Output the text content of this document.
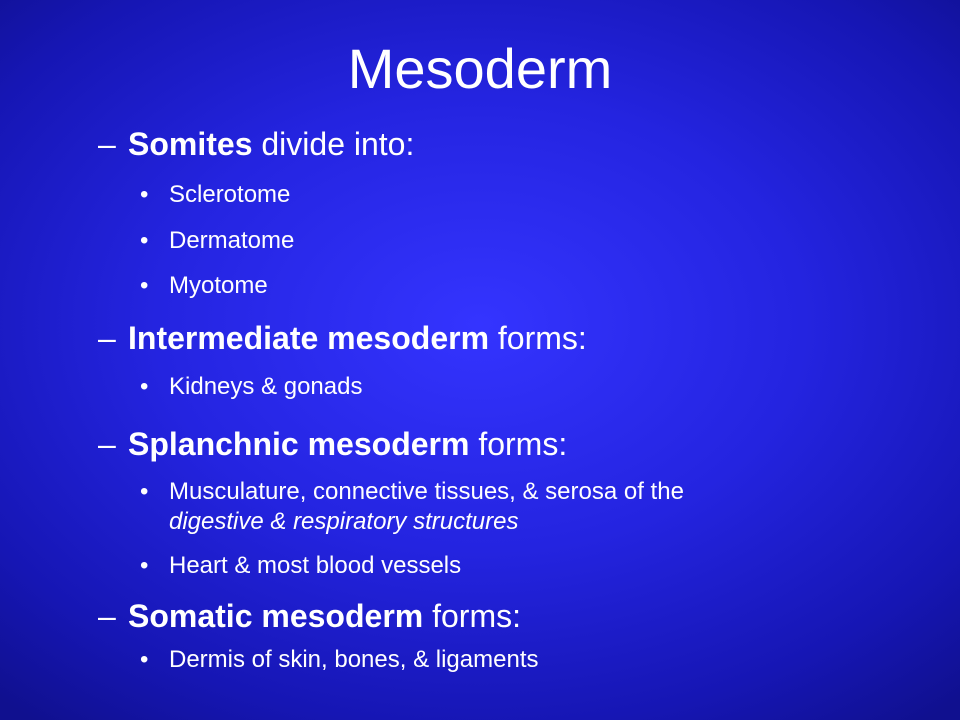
Mesoderm
– Somites divide into:
• Sclerotome
• Dermatome
• Myotome
– Intermediate mesoderm forms:
• Kidneys & gonads
– Splanchnic mesoderm forms:
• Musculature, connective tissues, & serosa of the
digestive & respiratory structures
• Heart & most blood vessels
– Somatic mesoderm forms:
• Dermis of skin, bones, & ligaments
